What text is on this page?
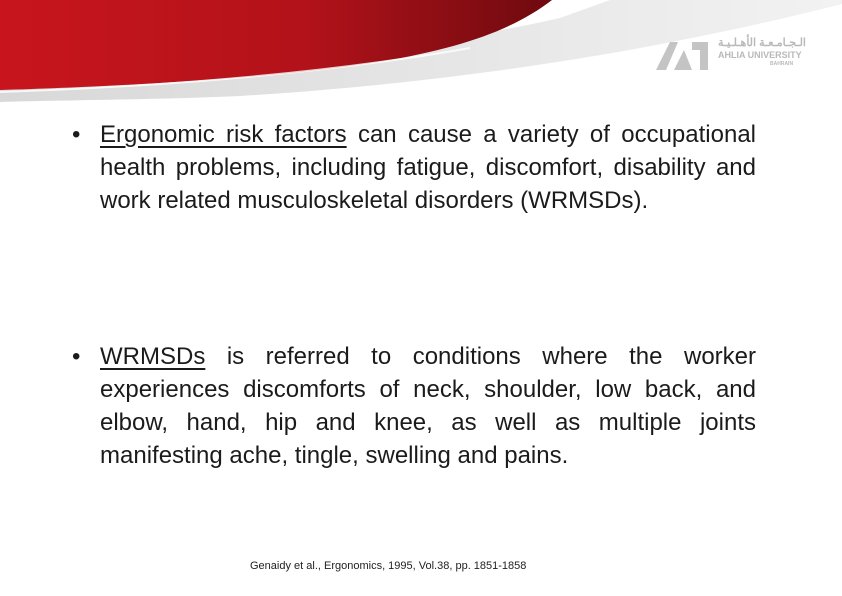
الـجـامـعـة الأهـلـيـة
AHLIA UNIVERSITY
BAHRAIN
• Ergonomic risk factors can cause a variety of occupational health problems, including fatigue, discomfort, disability and work related musculoskeletal disorders (WRMSDs).
• WRMSDs is referred to conditions where the worker experiences discomforts of neck, shoulder, low back, and elbow, hand, hip and knee, as well as multiple joints manifesting ache, tingle, swelling and pains.
Genaidy et al., Ergonomics, 1995, Vol.38, pp. 1851-1858
